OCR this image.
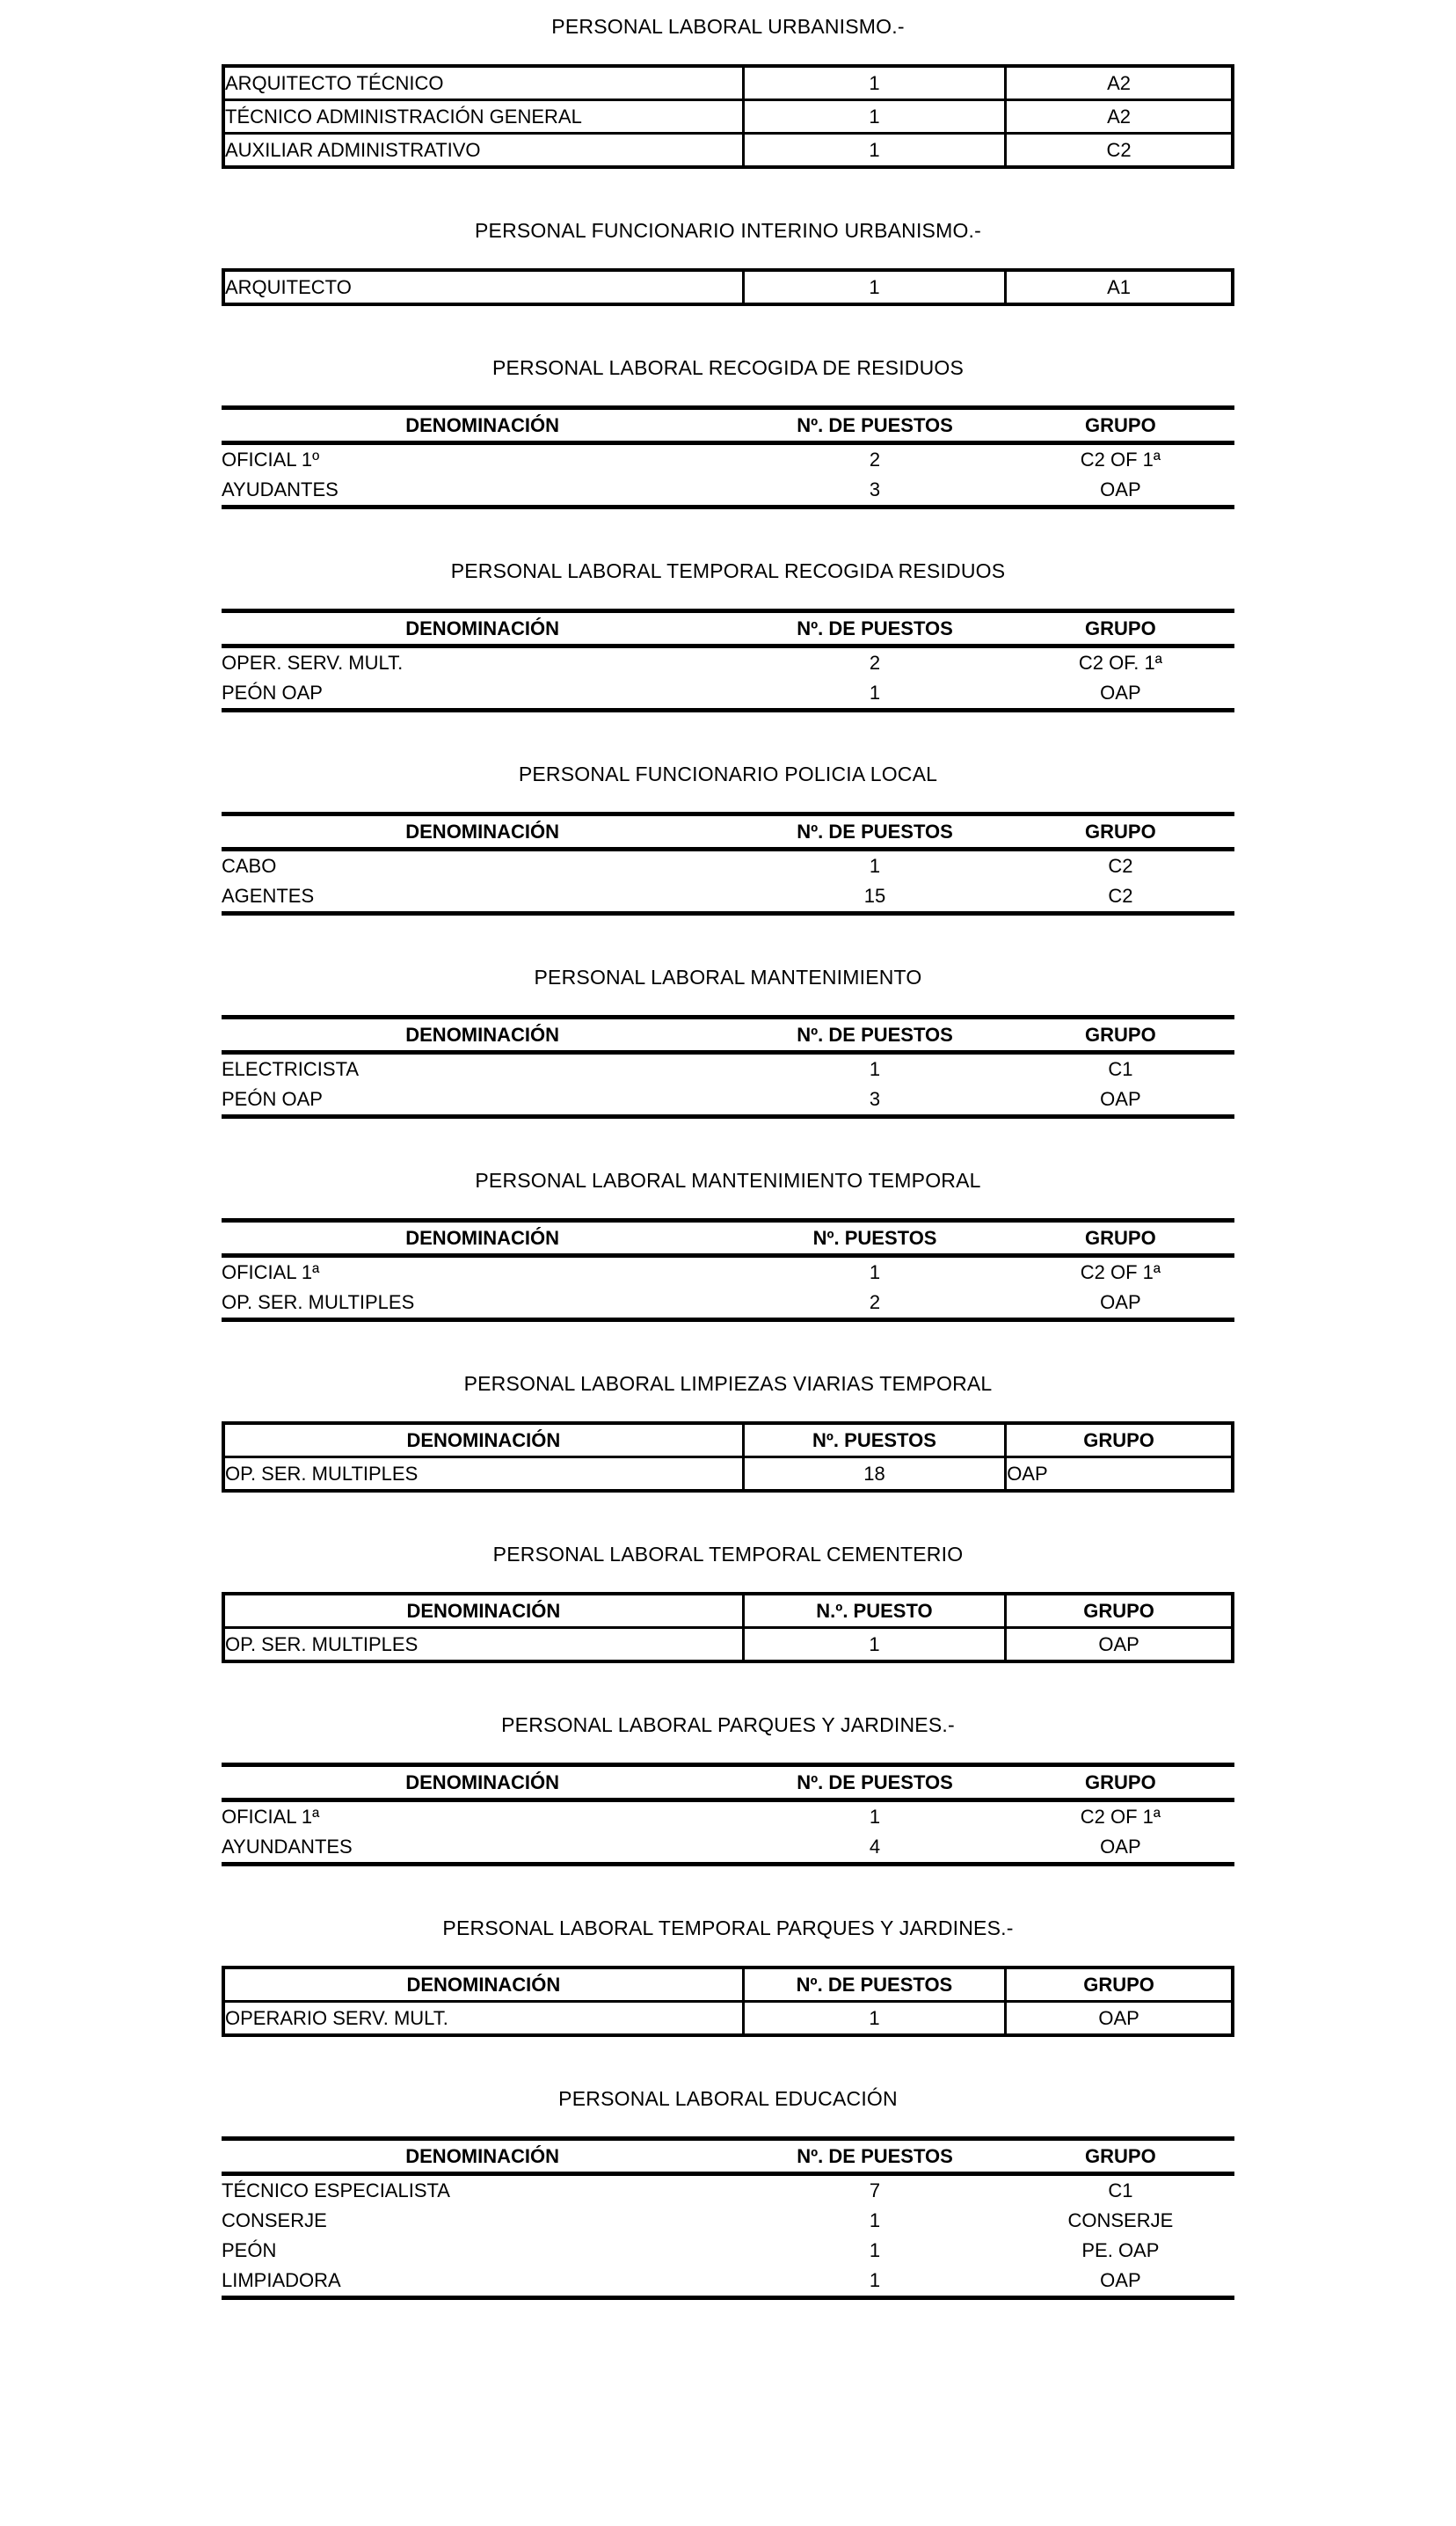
PERSONAL LABORAL URBANISMO.-
ARQUITECTO TÉCNICO	1	A2
TÉCNICO ADMINISTRACIÓN GENERAL	1	A2
AUXILIAR ADMINISTRATIVO	1	C2
PERSONAL FUNCIONARIO INTERINO URBANISMO.-
ARQUITECTO	1	A1
PERSONAL LABORAL RECOGIDA DE RESIDUOS
DENOMINACIÓN	Nº. DE PUESTOS	GRUPO
OFICIAL 1º	2	C2 OF 1ª
AYUDANTES	3	OAP
PERSONAL LABORAL TEMPORAL RECOGIDA RESIDUOS
DENOMINACIÓN	Nº. DE PUESTOS	GRUPO
OPER. SERV. MULT.	2	C2 OF. 1ª
PEÓN OAP	1	OAP
PERSONAL FUNCIONARIO POLICIA LOCAL
DENOMINACIÓN	Nº. DE PUESTOS	GRUPO
CABO	1	C2
AGENTES	15	C2
PERSONAL LABORAL MANTENIMIENTO
DENOMINACIÓN	Nº. DE PUESTOS	GRUPO
ELECTRICISTA	1	C1
PEÓN OAP	3	OAP
PERSONAL LABORAL MANTENIMIENTO TEMPORAL
DENOMINACIÓN	Nº. PUESTOS	GRUPO
OFICIAL 1ª	1	C2 OF 1ª
OP. SER. MULTIPLES	2	OAP
PERSONAL LABORAL LIMPIEZAS VIARIAS TEMPORAL
DENOMINACIÓN	Nº. PUESTOS	GRUPO
OP. SER. MULTIPLES	18	OAP
PERSONAL LABORAL TEMPORAL CEMENTERIO
DENOMINACIÓN	N.º. PUESTO	GRUPO
OP. SER. MULTIPLES	1	OAP
PERSONAL LABORAL PARQUES Y JARDINES.-
DENOMINACIÓN	Nº. DE PUESTOS	GRUPO
OFICIAL 1ª	1	C2 OF 1ª
AYUNDANTES	4	OAP
PERSONAL LABORAL TEMPORAL PARQUES Y JARDINES.-
DENOMINACIÓN	Nº. DE PUESTOS	GRUPO
OPERARIO SERV. MULT.	1	OAP
PERSONAL LABORAL EDUCACIÓN
DENOMINACIÓN	Nº. DE PUESTOS	GRUPO
TÉCNICO ESPECIALISTA	7	C1
CONSERJE	1	CONSERJE
PEÓN	1	PE. OAP
LIMPIADORA	1	OAP
